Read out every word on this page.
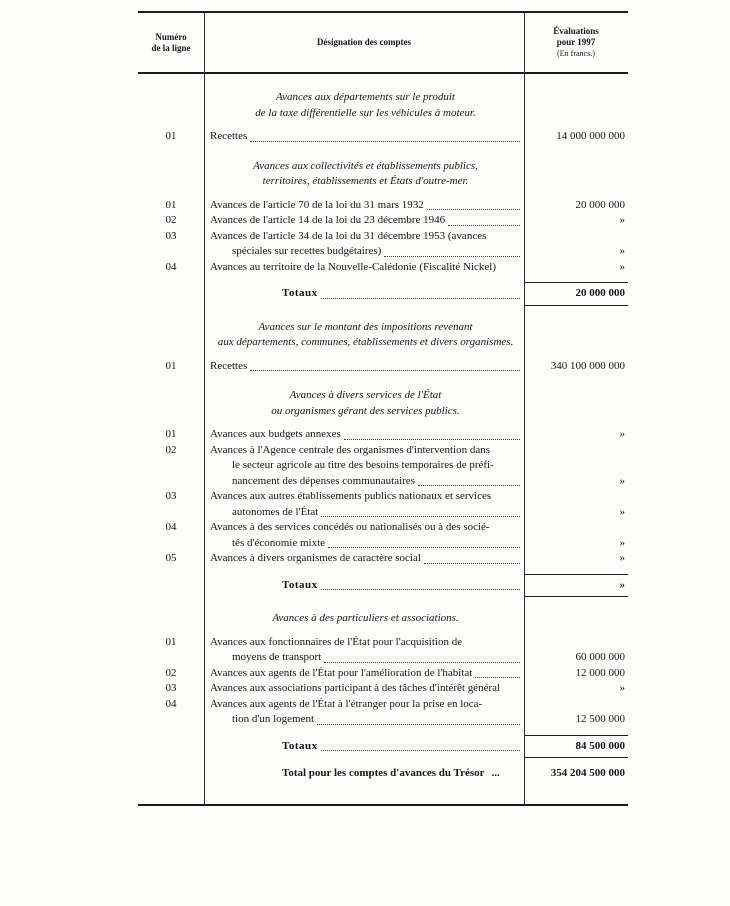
Numéro
de la ligne
Désignation des comptes
Évaluations
pour 1997
(En francs.)
Avances aux départements sur le produit
de la taxe différentielle sur les véhicules à moteur.
01	Recettes	14 000 000 000
Avances aux collectivités et établissements publics,
territoires, établissements et États d'outre-mer.
01	Avances de l'article 70 de la loi du 31 mars 1932	20 000 000
02	Avances de l'article 14 de la loi du 23 décembre 1946	»
03	Avances de l'article 34 de la loi du 31 décembre 1953 (avances
spéciales sur recettes budgétaires)	»
04	Avances au territoire de la Nouvelle-Calédonie (Fiscalité Nickel)	»
Totaux	20 000 000
Avances sur le montant des impositions revenant
aux départements, communes, établissements et divers organismes.
01	Recettes	340 100 000 000
Avances à divers services de l'État
ou organismes gérant des services publics.
01	Avances aux budgets annexes	»
02	Avances à l'Agence centrale des organismes d'intervention dans
le secteur agricole au titre des besoins temporaires de préfi-
nancement des dépenses communautaires	»
03	Avances aux autres établissements publics nationaux et services
autonomes de l'État	»
04	Avances à des services concédés ou nationalisés ou à des socié-
tés d'économie mixte	»
05	Avances à divers organismes de caractère social	»
Totaux	»
Avances à des particuliers et associations.
01	Avances aux fonctionnaires de l'État pour l'acquisition de
moyens de transport	60 000 000
02	Avances aux agents de l'État pour l'amélioration de l'habitat	12 000 000
03	Avances aux associations participant à des tâches d'intérêt général	»
04	Avances aux agents de l'État à l'étranger pour la prise en loca-
tion d'un logement	12 500 000
Totaux	84 500 000
Total pour les comptes d'avances du Trésor ...	354 204 500 000
